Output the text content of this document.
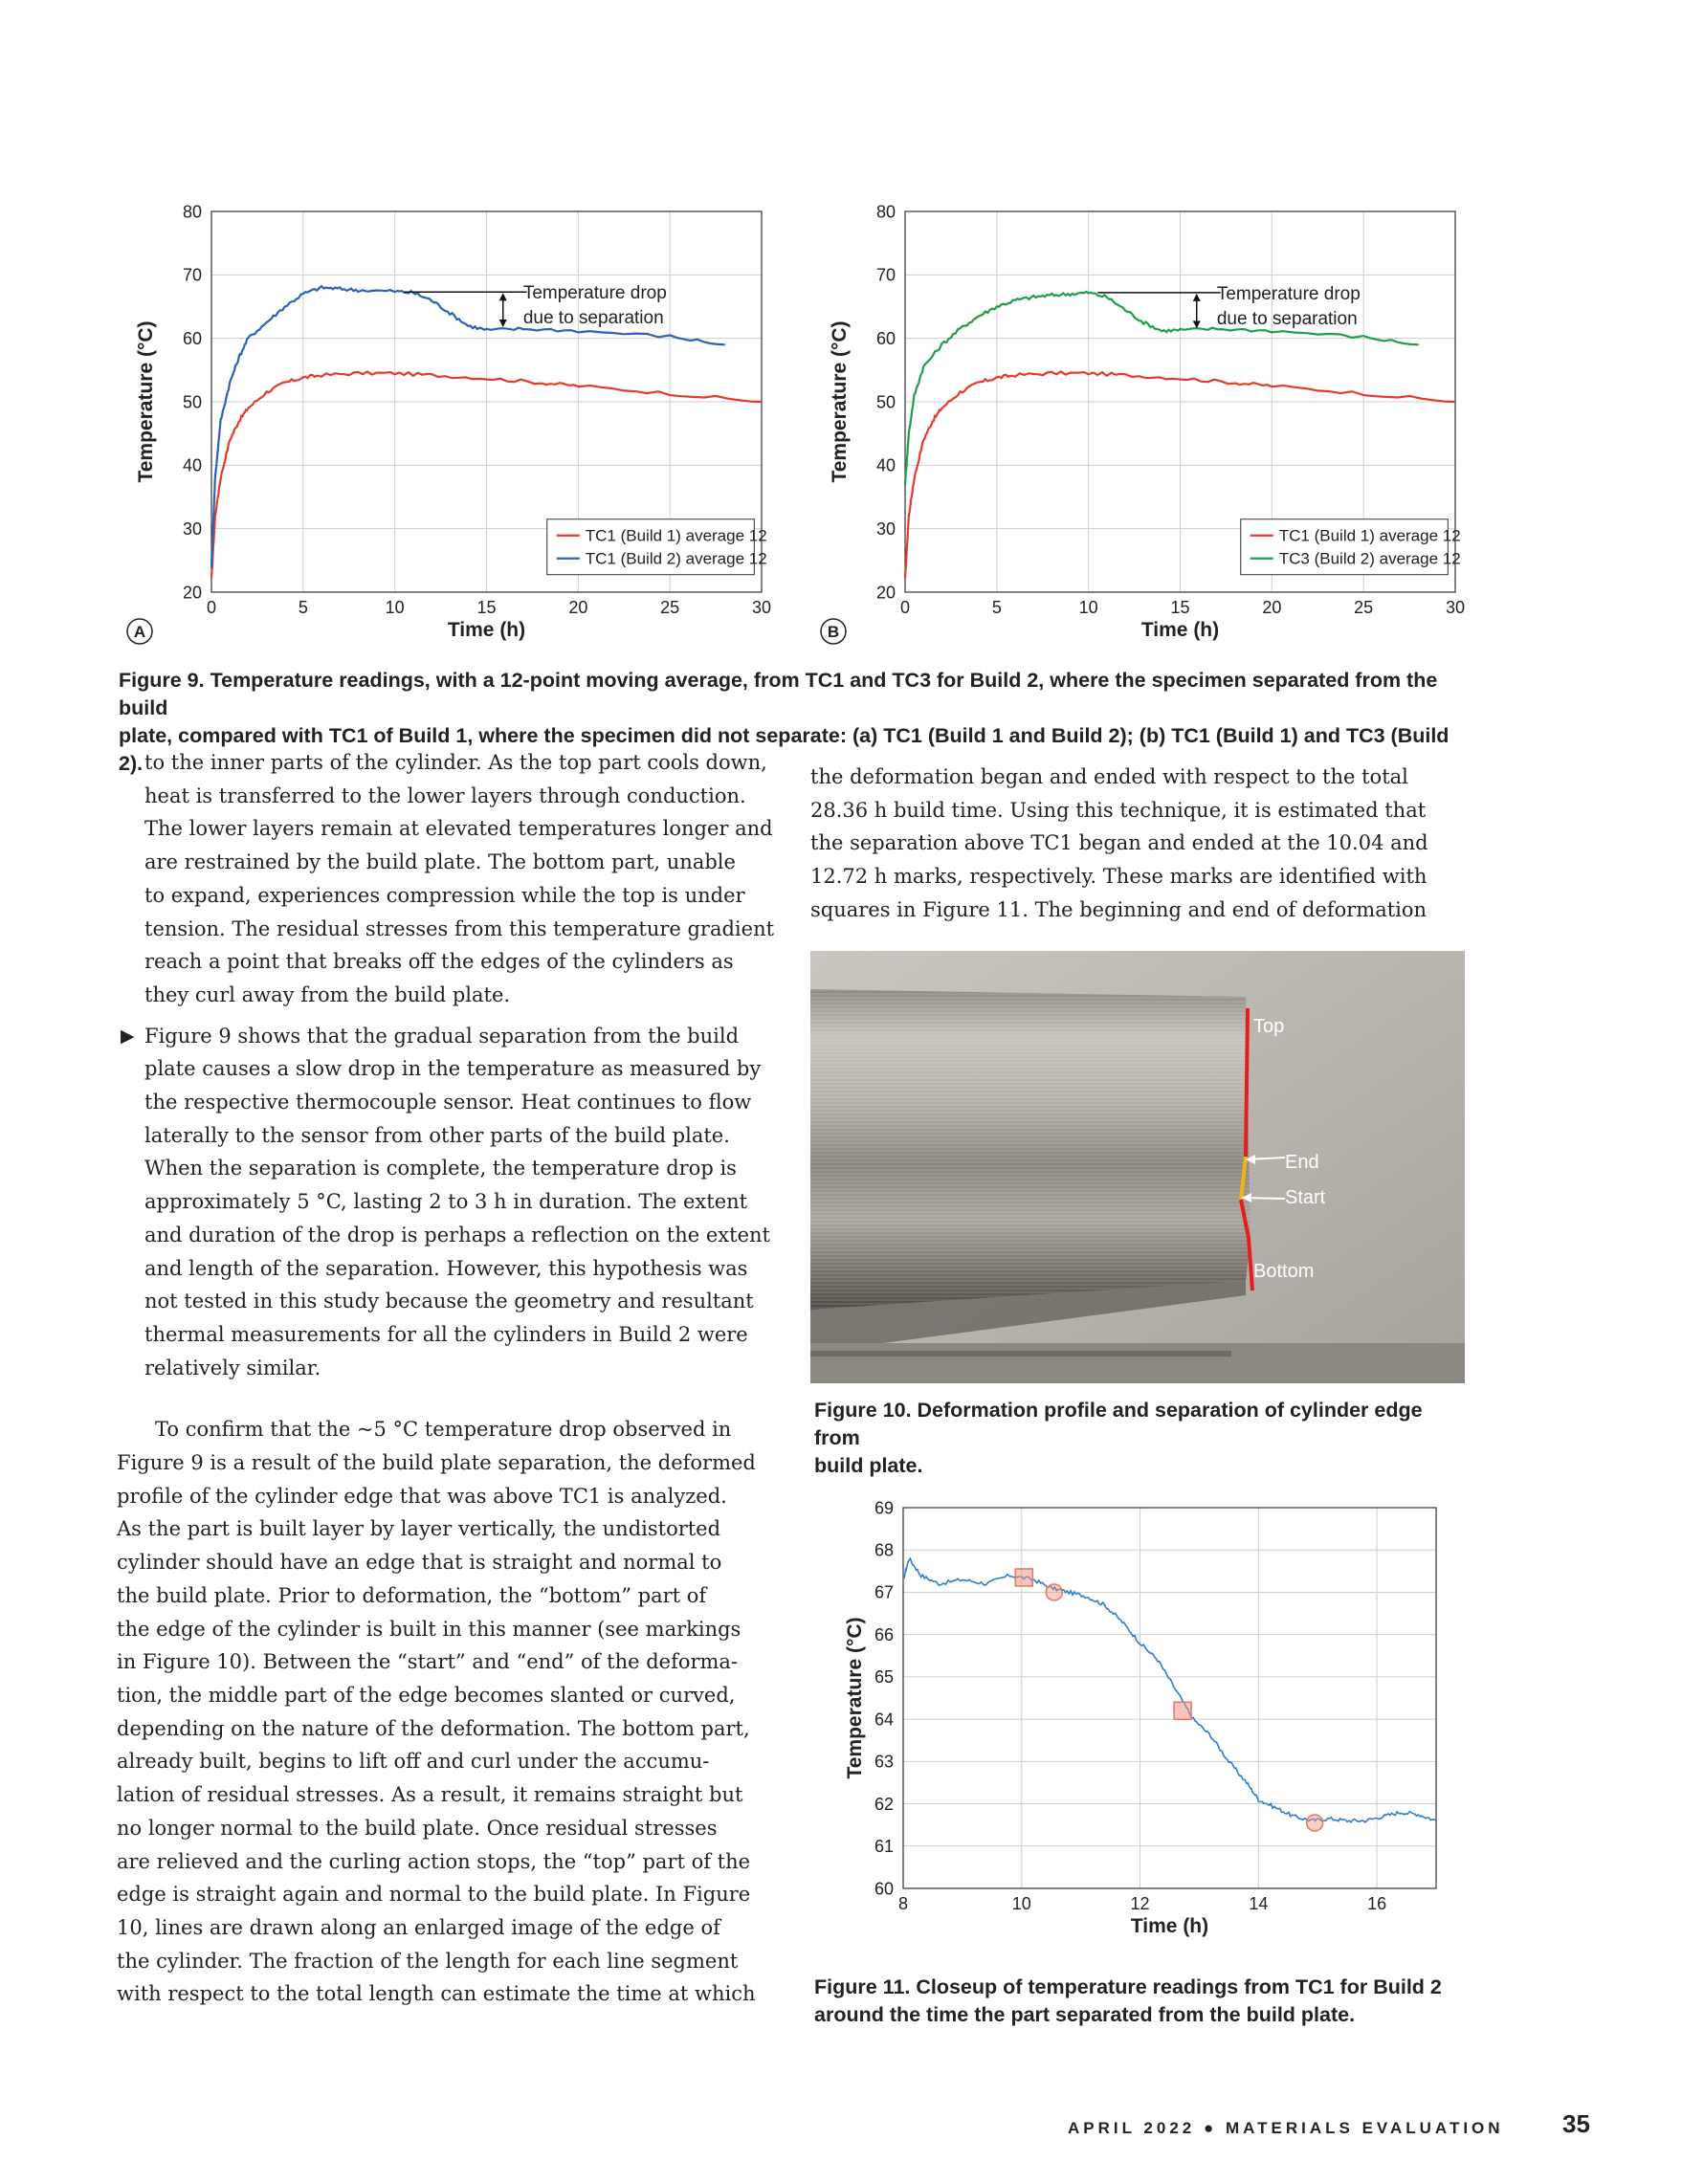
0	5	10	15	20	25	30
20
30
40
50
60
70
80
Time (h)
Temperature (°C)
Temperature drop
due to separation
TC1 (Build 1) average 12
TC1 (Build 2) average 12
A
0	5	10	15	20	25	30
20
30
40
50
60
70
80
Time (h)
Temperature (°C)
Temperature drop
due to separation
TC1 (Build 1) average 12
TC3 (Build 2) average 12
B
Figure 9. Temperature readings, with a 12-point moving average, from TC1 and TC3 for Build 2, where the specimen separated from the build
plate, compared with TC1 of Build 1, where the specimen did not separate: (a) TC1 (Build 1 and Build 2); (b) TC1 (Build 1) and TC3 (Build 2). to the inner parts of the cylinder. As the top part cools down,
heat is transferred to the lower layers through conduction.
The lower layers remain at elevated temperatures longer and
are restrained by the build plate. The bottom part, unable
to expand, experiences compression while the top is under
tension. The residual stresses from this temperature gradient
reach a point that breaks off the edges of the cylinders as
they curl away from the build plate.
▶ Figure 9 shows that the gradual separation from the build
plate causes a slow drop in the temperature as measured by
the respective thermocouple sensor. Heat continues to flow
laterally to the sensor from other parts of the build plate.
When the separation is complete, the temperature drop is
approximately 5 °C, lasting 2 to 3 h in duration. The extent
and duration of the drop is perhaps a reflection on the extent
and length of the separation. However, this hypothesis was
not tested in this study because the geometry and resultant
thermal measurements for all the cylinders in Build 2 were
relatively similar.
To confirm that the ~5 °C temperature drop observed in
Figure 9 is a result of the build plate separation, the deformed
profile of the cylinder edge that was above TC1 is analyzed.
As the part is built layer by layer vertically, the undistorted
cylinder should have an edge that is straight and normal to
the build plate. Prior to deformation, the “bottom” part of
the edge of the cylinder is built in this manner (see markings
in Figure 10). Between the “start” and “end” of the deforma-
tion, the middle part of the edge becomes slanted or curved,
depending on the nature of the deformation. The bottom part,
already built, begins to lift off and curl under the accumu-
lation of residual stresses. As a result, it remains straight but
no longer normal to the build plate. Once residual stresses
are relieved and the curling action stops, the “top” part of the
edge is straight again and normal to the build plate. In Figure
10, lines are drawn along an enlarged image of the edge of
the cylinder. The fraction of the length for each line segment
with respect to the total length can estimate the time at which
the deformation began and ended with respect to the total
28.36 h build time. Using this technique, it is estimated that
the separation above TC1 began and ended at the 10.04 and
12.72 h marks, respectively. These marks are identified with
squares in Figure 11. The beginning and end of deformation
Top
End
Start
Bottom
Figure 10. Deformation profile and separation of cylinder edge from
build plate.
8	10	12	14	16
60
61
62
63
64
65
66
67
68
69
Time (h)
Temperature (°C)
Figure 11. Closeup of temperature readings from TC1 for Build 2
around the time the part separated from the build plate.
APRIL 2022 ● MATERIALS EVALUATION 35
